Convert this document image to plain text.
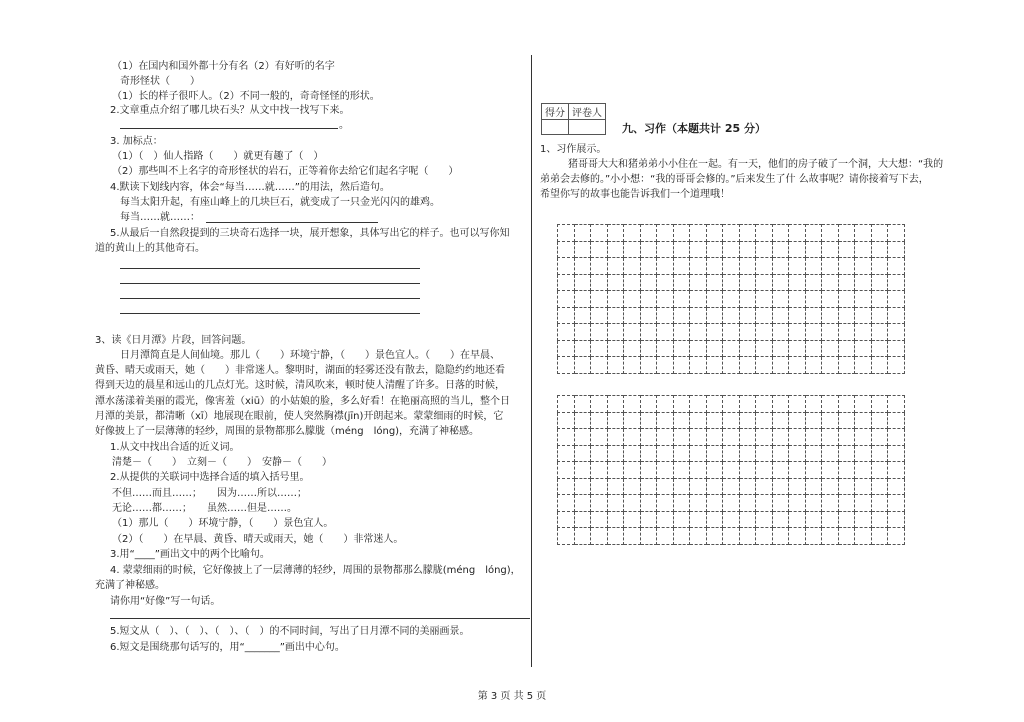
（1）在国内和国外都十分有名（2）有好听的名字
奇形怪状（　　）
（1）长的样子很吓人。（2）不同一般的，奇奇怪怪的形状。
2.文章重点介绍了哪几块石头？从文中找一找写下来。
。
3. 加标点：
（1）（　）仙人指路（　　）就更有趣了（　）
（2）那些叫不上名字的奇形怪状的岩石，正等着你去给它们起名字呢（　　）
4.默读下划线内容，体会“每当……就……”的用法，然后造句。
每当太阳升起，有座山峰上的几块巨石，就变成了一只金光闪闪的雄鸡。
每当……就……：
5.从最后一自然段提到的三块奇石选择一块，展开想象，具体写出它的样子。也可以写你知
道的黄山上的其他奇石。
3、读《日月潭》片段，回答问题。
日月潭简直是人间仙境。那儿（　　）环境宁静，（　　）景色宜人。（　　）在早晨、
黄昏、晴天或雨天，她（　　）非常迷人。黎明时，湖面的轻雾还没有散去，隐隐约约地还看
得到天边的晨星和远山的几点灯光。这时候，清风吹来，顿时使人清醒了许多。日落的时候，
潭水荡漾着美丽的霞光，像害羞（xiū）的小姑娘的脸，多么好看！在艳丽高照的当儿，整个日
月潭的美景，都清晰（xī）地展现在眼前，使人突然胸襟(jīn)开朗起来。蒙蒙细雨的时候，它
好像披上了一层薄薄的轻纱，周围的景物都那么朦胧（méng　lóng)，充满了神秘感。
1.从文中找出合适的近义词。
清楚－（　　）　立刻－（　　）　安静－（　　）
2.从提供的关联词中选择合适的填入括号里。
不但……而且……；　　因为……所以……；
无论……都……；　　虽然……但是……。
（1）那儿（　　）环境宁静，（　　）景色宜人。
（2）（　　）在早晨、黄昏、晴天或雨天，她（　　）非常迷人。
3.用“____”画出文中的两个比喻句。
4. 蒙蒙细雨的时候，它好像披上了一层薄薄的轻纱，周围的景物都那么朦胧(méng　lóng)，
充满了神秘感。
请你用“好像”写一句话。
5.短文从（　）、（　）、（　）、（　）的不同时间，写出了日月潭不同的美丽画景。
6.短文是围绕那句话写的，用“_______”画出中心句。
得分	评卷人

九、习作（本题共计 25 分）
1、习作展示。
猪哥哥大大和猪弟弟小小住在一起。有一天，他们的房子破了一个洞，大大想：“我的
弟弟会去修的。”小小想：“我的哥哥会修的。”后来发生了什 么故事呢？请你接着写下去，
希望你写的故事也能告诉我们一个道理哦！

第 3 页 共 5 页
